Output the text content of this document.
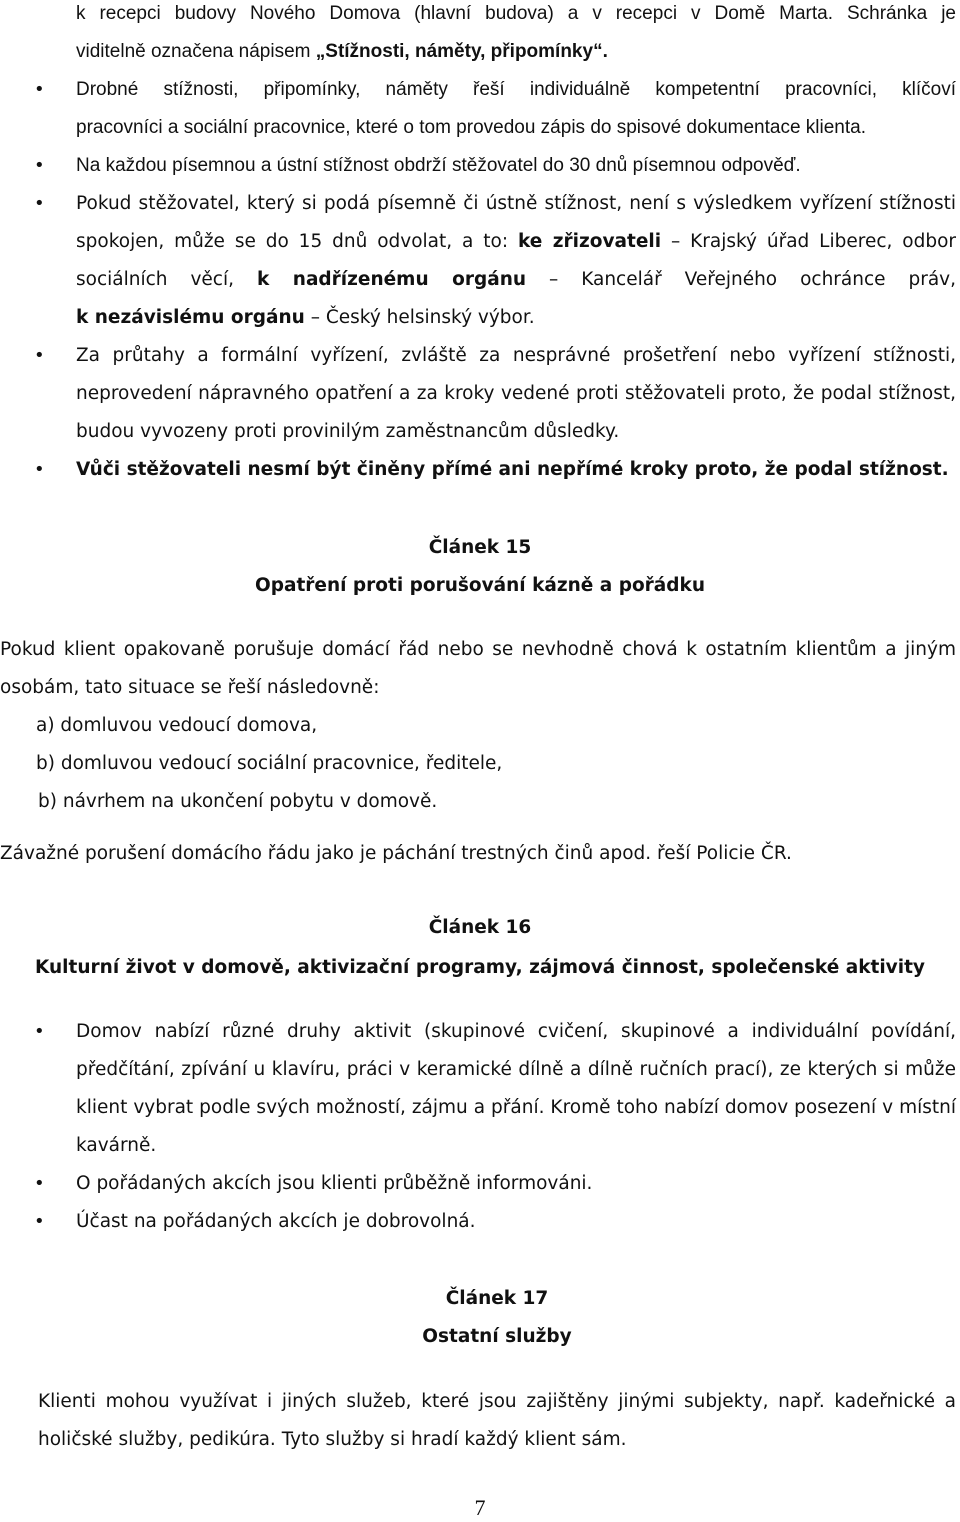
k recepci budovy Nového Domova (hlavní budova) a v recepci v Domě Marta. Schránka je
viditelně označena nápisem „Stížnosti, náměty, připomínky“.
• Drobné stížnosti, připomínky, náměty řeší individuálně kompetentní pracovníci, klíčoví
pracovníci a sociální pracovnice, které o tom provedou zápis do spisové dokumentace klienta.
• Na každou písemnou a ústní stížnost obdrží stěžovatel do 30 dnů písemnou odpověď.
• Pokud stěžovatel, který si podá písemně či ústně stížnost, není s výsledkem vyřízení stížnosti
spokojen, může se do 15 dnů odvolat, a to: ke zřizovateli – Krajský úřad Liberec, odbor
sociálních věcí, k nadřízenému orgánu – Kancelář Veřejného ochránce práv,
k nezávislému orgánu – Český helsinský výbor.
• Za průtahy a formální vyřízení, zvláště za nesprávné prošetření nebo vyřízení stížnosti,
neprovedení nápravného opatření a za kroky vedené proti stěžovateli proto, že podal stížnost,
budou vyvozeny proti provinilým zaměstnancům důsledky.
• Vůči stěžovateli nesmí být činěny přímé ani nepřímé kroky proto, že podal stížnost.
Článek 15
Opatření proti porušování kázně a pořádku
Pokud klient opakovaně porušuje domácí řád nebo se nevhodně chová k ostatním klientům a jiným
osobám, tato situace se řeší následovně:
a) domluvou vedoucí domova,
b) domluvou vedoucí sociální pracovnice, ředitele,
b) návrhem na ukončení pobytu v domově.
Závažné porušení domácího řádu jako je páchání trestných činů apod. řeší Policie ČR.
Článek 16
Kulturní život v domově, aktivizační programy, zájmová činnost, společenské aktivity
• Domov nabízí různé druhy aktivit (skupinové cvičení, skupinové a individuální povídání,
předčítání, zpívání u klavíru, práci v keramické dílně a dílně ručních prací), ze kterých si může
klient vybrat podle svých možností, zájmu a přání. Kromě toho nabízí domov posezení v místní
kavárně.
• O pořádaných akcích jsou klienti průběžně informováni.
• Účast na pořádaných akcích je dobrovolná.
Článek 17
Ostatní služby
Klienti mohou využívat i jiných služeb, které jsou zajištěny jinými subjekty, např. kadeřnické a
holičské služby, pedikúra. Tyto služby si hradí každý klient sám.
7
